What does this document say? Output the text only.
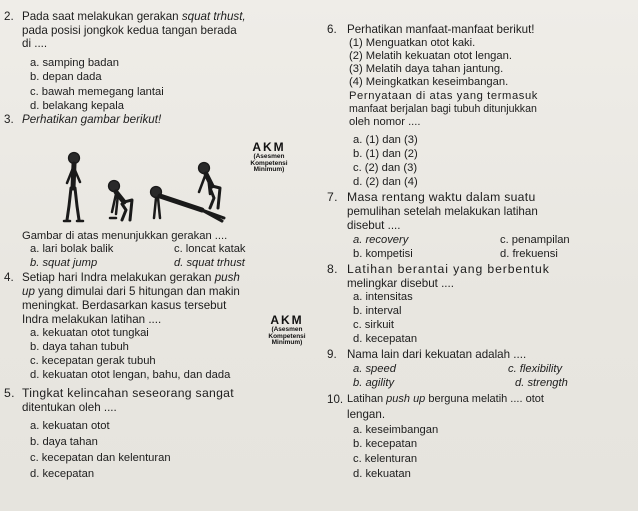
2. Pada saat melakukan gerakan squat trhust,
pada posisi jongkok kedua tangan berada
di ....
a. samping badan
b. depan dada
c. bawah memegang lantai
d. belakang kepala
3. Perhatikan gambar berikut!
AKM
(Asesmen
Kompetensi
Minimum)
Gambar di atas menunjukkan gerakan ....
a. lari bolak balik	c. loncat katak
b. squat jump	d. squat trhust
4. Setiap hari Indra melakukan gerakan push
up yang dimulai dari 5 hitungan dan makin
meningkat. Berdasarkan kasus tersebut
Indra melakukan latihan ....	AKM
(Asesmen
Kompetensi
Minimum)
a. kekuatan otot tungkai
b. daya tahan tubuh
c. kecepatan gerak tubuh
d. kekuatan otot lengan, bahu, dan dada
5. Tingkat kelincahan seseorang sangat
ditentukan oleh ....
a. kekuatan otot
b. daya tahan
c. kecepatan dan kelenturan
d. kecepatan
6. Perhatikan manfaat-manfaat berikut!
(1) Menguatkan otot kaki.
(2) Melatih kekuatan otot lengan.
(3) Melatih daya tahan jantung.
(4) Meingkatkan keseimbangan.
Pernyataan di atas yang termasuk
manfaat berjalan bagi tubuh ditunjukkan
oleh nomor ....
a. (1) dan (3)
b. (1) dan (2)
c. (2) dan (3)
d. (2) dan (4)
7. Masa rentang waktu dalam suatu
pemulihan setelah melakukan latihan
disebut ....
a. recovery	c. penampilan
b. kompetisi	d. frekuensi
8. Latihan berantai yang berbentuk
melingkar disebut ....
a. intensitas
b. interval
c. sirkuit
d. kecepatan
9. Nama lain dari kekuatan adalah ....
a. speed	c. flexibility
b. agility	d. strength
10. Latihan push up berguna melatih .... otot
lengan.
a. keseimbangan
b. kecepatan
c. kelenturan
d. kekuatan
